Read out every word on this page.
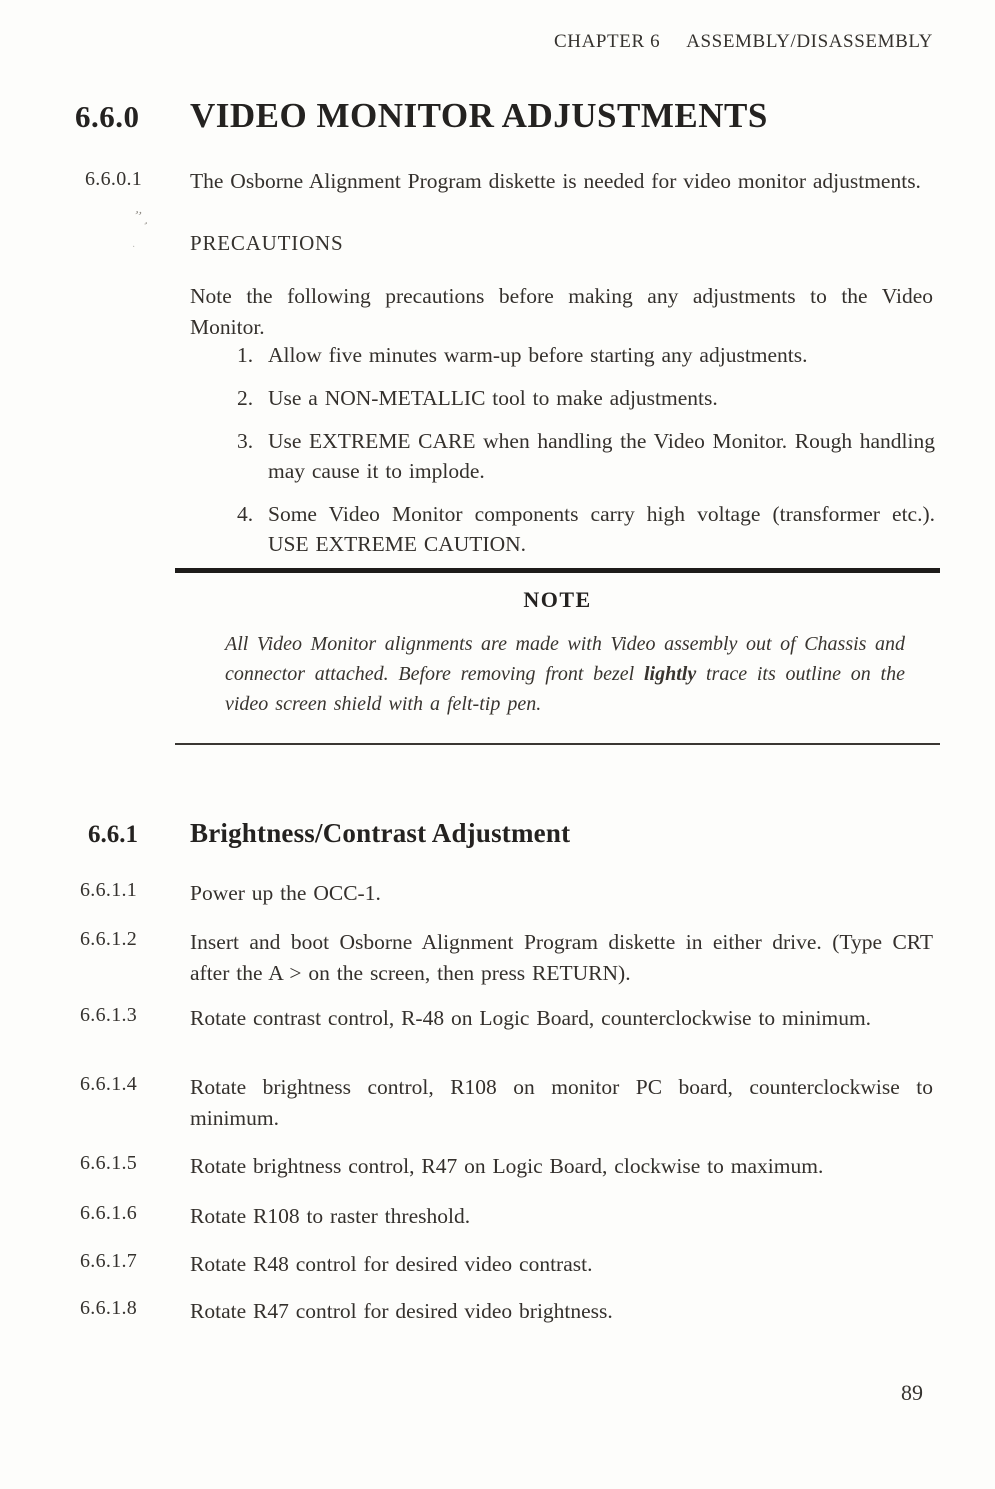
CHAPTER 6 ASSEMBLY/DISASSEMBLY
6.6.0 VIDEO MONITOR ADJUSTMENTS
6.6.0.1 The Osborne Alignment Program diskette is needed for video monitor adjustments.
’’ ‚
·	PRECAUTIONS
Note the following precautions before making any adjustments to the Video Monitor.
1. Allow five minutes warm-up before starting any adjustments.
2. Use a NON-METALLIC tool to make adjustments.
3. Use EXTREME CARE when handling the Video Monitor. Rough handling may cause it to implode.
4. Some Video Monitor components carry high voltage (transformer etc.). USE EXTREME CAUTION.
NOTE
All Video Monitor alignments are made with Video assembly out of Chassis and connector attached. Before removing front bezel lightly trace its outline on the video screen shield with a felt-tip pen.
6.6.1 Brightness/Contrast Adjustment
6.6.1.1 Power up the OCC-1.
6.6.1.2 Insert and boot Osborne Alignment Program diskette in either drive. (Type CRT after the A > on the screen, then press RETURN).
6.6.1.3 Rotate contrast control, R-48 on Logic Board, counterclockwise to minimum.
6.6.1.4 Rotate brightness control, R108 on monitor PC board, counterclockwise to minimum.
6.6.1.5 Rotate brightness control, R47 on Logic Board, clockwise to maximum.
6.6.1.6 Rotate R108 to raster threshold.
6.6.1.7 Rotate R48 control for desired video contrast.
6.6.1.8 Rotate R47 control for desired video brightness.
89
